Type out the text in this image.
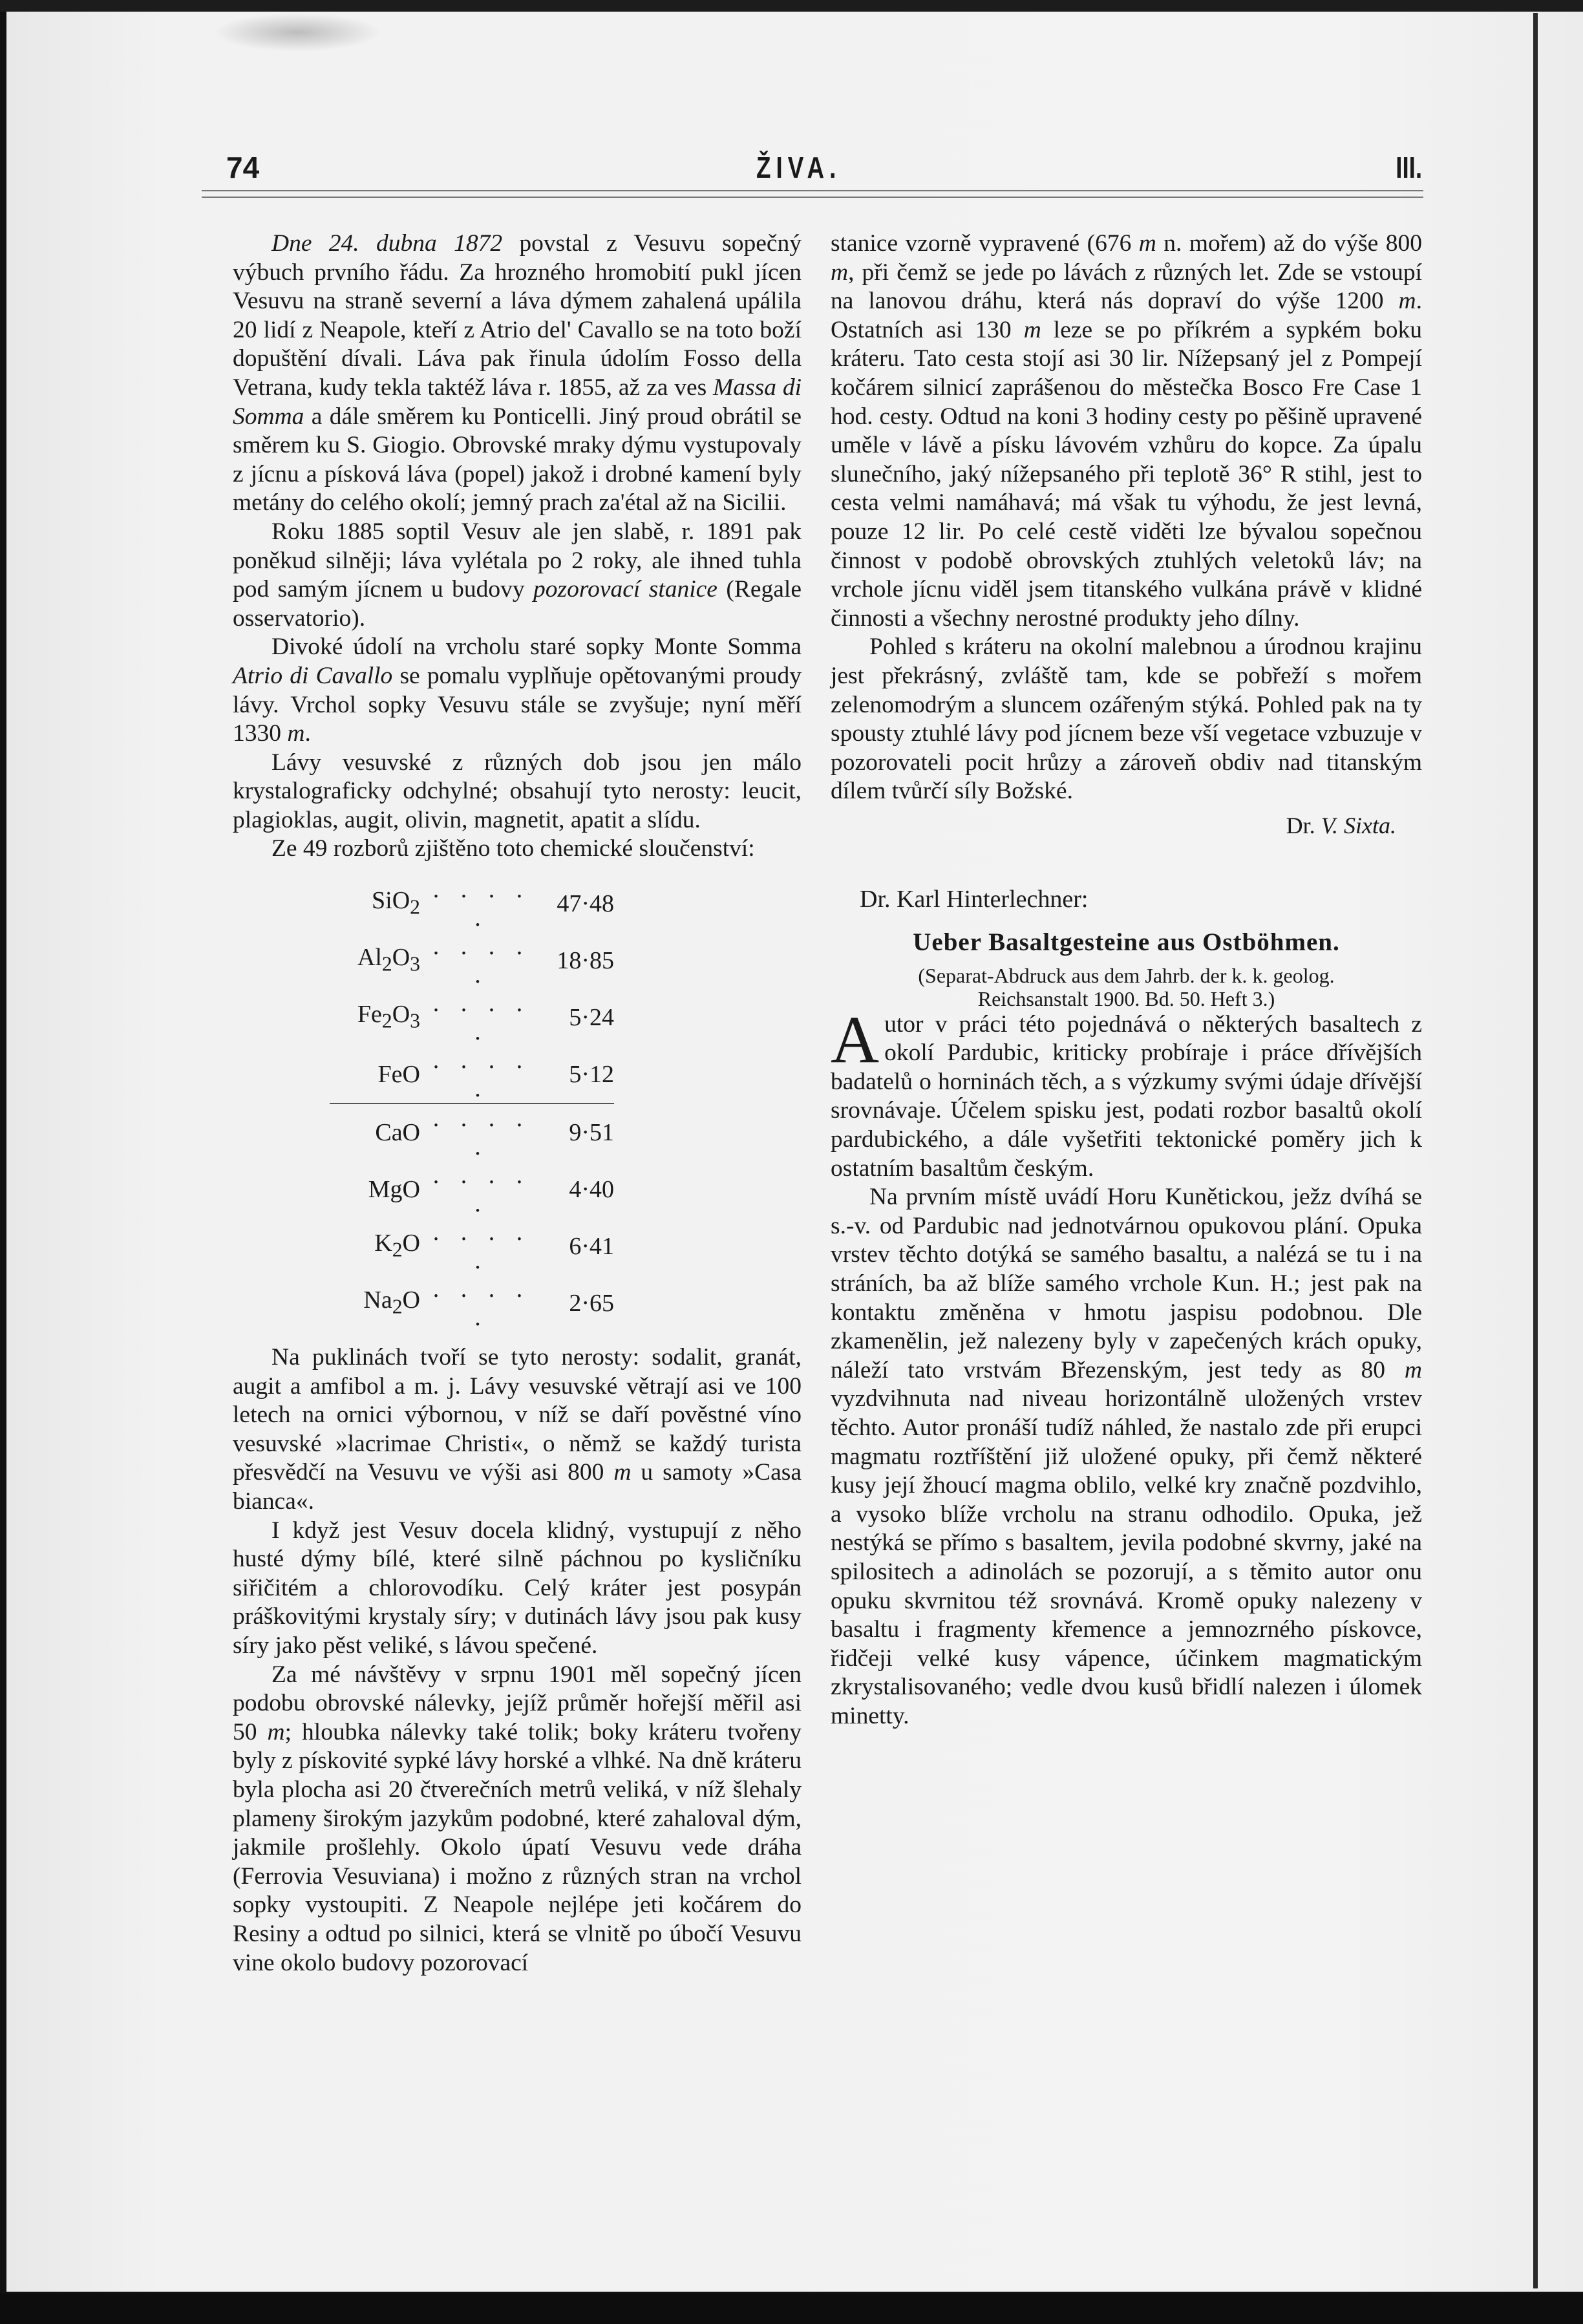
74	ŽIVA.	III.

Dne 24. dubna 1872 povstal z Vesuvu sopečný výbuch prvního řádu. Za hrozného hromobití pukl jícen Vesuvu na straně severní a láva dýmem zahalená upálila 20 lidí z Neapole, kteří z Atrio del' Cavallo se na toto boží dopuštění dívali. Láva pak řinula údolím Fosso della Vetrana, kudy tekla taktéž láva r. 1855, až za ves Massa di Somma a dále směrem ku Ponticelli. Jiný proud obrátil se směrem ku S. Giogio. Obrovské mraky dýmu vystupovaly z jícnu a písková láva (popel) jakož i drobné kamení byly metány do celého okolí; jemný prach za'étal až na Sicilii.

Roku 1885 soptil Vesuv ale jen slabě, r. 1891 pak poněkud silněji; láva vylétala po 2 roky, ale ihned tuhla pod samým jícnem u budovy pozorovací stanice (Regale osservatorio).

Divoké údolí na vrcholu staré sopky Monte Somma Atrio di Cavallo se pomalu vyplňuje opětovanými proudy lávy. Vrchol sopky Vesuvu stále se zvyšuje; nyní měří 1330 m.

Lávy vesuvské z různých dob jsou jen málo krystalograficky odchylné; obsahují tyto nerosty: leucit, plagioklas, augit, olivin, magnetit, apatit a slídu.

Ze 49 rozborů zjištěno toto chemické sloučenství:

SiO$_2$	. . . . .	47·48
$Al_2O_3$	. . . . .	18·85
$Fe_2O_3$	. . . . .	5·24
FeO	. . . . .	5·12
CaO	. . . . .	9·51
MgO	. . . . .	4·40
$K_2O$	. . . . .	6·41
$Na_2O$	. . . . .	2·65

Na puklinách tvoří se tyto nerosty: sodalit, granát, augit a amfibol a m. j. Lávy vesuvské větrají asi ve 100 letech na ornici výbornou, v níž se daří pověstné víno vesuvské »lacrimae Christi«, o němž se každý turista přesvědčí na Vesuvu ve výši asi 800 m u samoty »Casa bianca«.

I když jest Vesuv docela klidný, vystupují z něho husté dýmy bílé, které silně páchnou po kysličníku siřičitém a chlorovodíku. Celý kráter jest posypán práškovitými krystaly síry; v dutinách lávy jsou pak kusy síry jako pěst veliké, s lávou spečené.

Za mé návštěvy v srpnu 1901 měl sopečný jícen podobu obrovské nálevky, jejíž průměr hořejší měřil asi 50 m; hloubka nálevky také tolik; boky kráteru tvořeny byly z pískovité sypké lávy horské a vlhké. Na dně kráteru byla plocha asi 20 čtverečních metrů veliká, v níž šlehaly plameny širokým jazykům podobné, které zahaloval dým, jakmile prošlehly. Okolo úpatí Vesuvu vede dráha (Ferrovia Vesuviana) i možno z různých stran na vrchol sopky vystoupiti. Z Neapole nejlépe jeti kočárem do Resiny a odtud po silnici, která se vlnitě po úbočí Vesuvu vine okolo budovy pozorovací

stanice vzorně vypravené (676 m n. mořem) až do výše 800 m, při čemž se jede po lávách z různých let. Zde se vstoupí na lanovou dráhu, která nás dopraví do výše 1200 m. Ostatních asi 130 m leze se po příkrém a sypkém boku kráteru. Tato cesta stojí asi 30 lir. Nížepsaný jel z Pompejí kočárem silnicí zaprášenou do městečka Bosco Fre Case 1 hod. cesty. Odtud na koni 3 hodiny cesty po pěšině upravené uměle v lávě a písku lávovém vzhůru do kopce. Za úpalu slunečního, jaký nížepsaného při teplotě 36° R stihl, jest to cesta velmi namáhavá; má však tu výhodu, že jest levná, pouze 12 lir. Po celé cestě viděti lze bývalou sopečnou činnost v podobě obrovských ztuhlých veletoků láv; na vrchole jícnu viděl jsem titanského vulkána právě v klidné činnosti a všechny nerostné produkty jeho dílny.

Pohled s kráteru na okolní malebnou a úrodnou krajinu jest překrásný, zvláště tam, kde se pobřeží s mořem zelenomodrým a sluncem ozářeným stýká. Pohled pak na ty spousty ztuhlé lávy pod jícnem beze vší vegetace vzbuzuje v pozorovateli pocit hrůzy a zároveň obdiv nad titanským dílem tvůrčí síly Božské.

Dr. V. Sixta.
Dr. Karl Hinterlechner:
Ueber Basaltgesteine aus Ostböhmen.
(Separat-Abdruck aus dem Jahrb. der k. k. geolog.
Reichsanstalt 1900. Bd. 50. Heft 3.)

Autor v práci této pojednává o některých basaltech z okolí Pardubic, kriticky probíraje i práce dřívějších badatelů o horninách těch, a s výzkumy svými údaje dřívější srovnávaje. Účelem spisku jest, podati rozbor basaltů okolí pardubického, a dále vyšetřiti tektonické poměry jich k ostatním basaltům českým.

Na prvním místě uvádí Horu Kunětickou, ježz dvíhá se s.-v. od Pardubic nad jednotvárnou opukovou plání. Opuka vrstev těchto dotýká se samého basaltu, a nalézá se tu i na stráních, ba až blíže samého vrchole Kun. H.; jest pak na kontaktu změněna v hmotu jaspisu podobnou. Dle zkamenělin, jež nalezeny byly v zapečených krách opuky, náleží tato vrstvám Březenským, jest tedy as 80 m vyzdvihnuta nad niveau horizontálně uložených vrstev těchto. Autor pronáší tudíž náhled, že nastalo zde při erupci magmatu roztříštění již uložené opuky, při čemž některé kusy její žhoucí magma oblilo, velké kry značně pozdvihlo, a vysoko blíže vrcholu na stranu odhodilo. Opuka, jež nestýká se přímo s basaltem, jevila podobné skvrny, jaké na spilositech a adinolách se pozorují, a s těmito autor onu opuku skvrnitou též srovnává. Kromě opuky nalezeny v basaltu i fragmenty křemence a jemnozrného pískovce, řidčeji velké kusy vápence, účinkem magmatickým zkrystalisovaného; vedle dvou kusů břidlí nalezen i úlomek minetty.
